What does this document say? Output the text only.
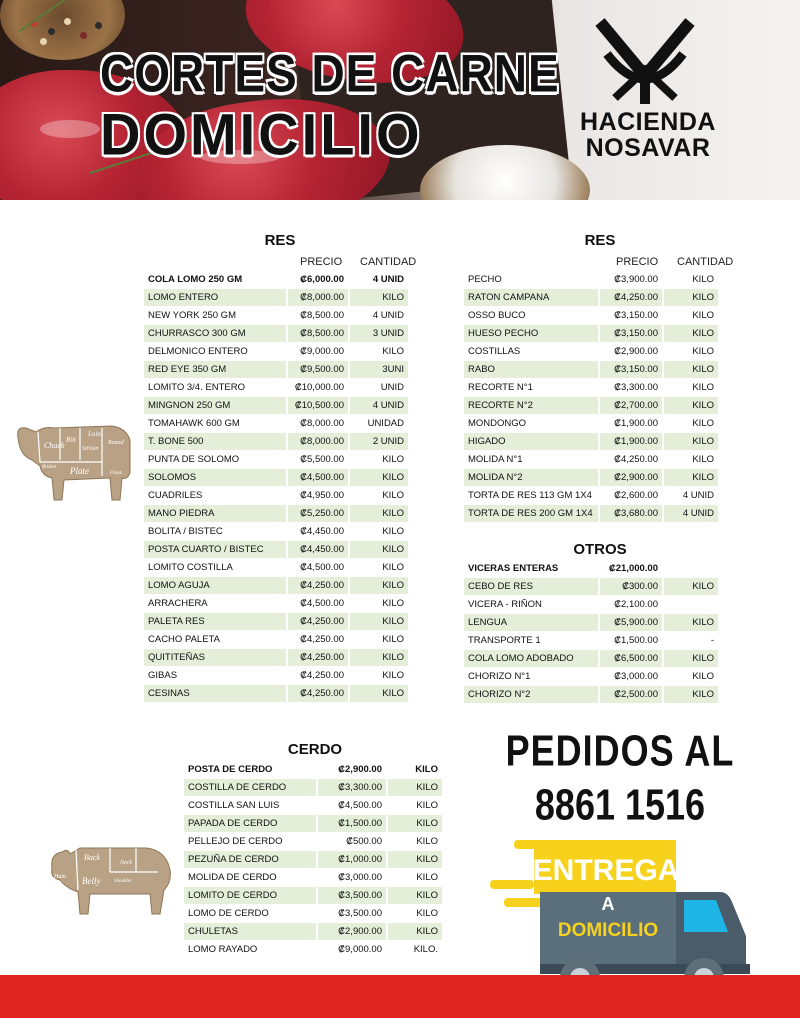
CORTES DE CARNE
DOMICILIO	HACIENDA
NOSAVAR
RES
PRECIO CANTIDAD
COLA LOMO 250 GM	₡6,000.00	4 UNID
LOMO ENTERO	₡8,000.00	KILO
NEW YORK 250 GM	₡8,500.00	4 UNID
CHURRASCO 300 GM	₡8,500.00	3 UNID
DELMONICO ENTERO	₡9,000.00	KILO
RED EYE 350 GM	₡9,500.00	3UNI
LOMITO 3/4. ENTERO	₡10,000.00	UNID
MINGNON 250 GM	₡10,500.00	4 UNID
TOMAHAWK 600 GM	₡8,000.00	UNIDAD
T. BONE 500	₡8,000.00	2 UNID
PUNTA DE SOLOMO	₡5,500.00	KILO
SOLOMOS	₡4,500.00	KILO
CUADRILES	₡4,950.00	KILO
MANO PIEDRA	₡5,250.00	KILO
BOLITA / BISTEC	₡4,450.00	KILO
POSTA CUARTO / BISTEC	₡4,450.00	KILO
LOMITO COSTILLA	₡4,500.00	KILO
LOMO AGUJA	₡4,250.00	KILO
ARRACHERA	₡4,500.00	KILO
PALETA RES	₡4,250.00	KILO
CACHO PALETA	₡4,250.00	KILO
QUITITEÑAS	₡4,250.00	KILO
GIBAS	₡4,250.00	KILO
CESINAS	₡4,250.00	KILO
RES
PRECIO CANTIDAD
PECHO	₡3,900.00	KILO
RATON CAMPANA	₡4,250.00	KILO
OSSO BUCO	₡3,150.00	KILO
HUESO PECHO	₡3,150.00	KILO
COSTILLAS	₡2,900.00	KILO
RABO	₡3,150.00	KILO
RECORTE N°1	₡3,300.00	KILO
RECORTE N°2	₡2,700.00	KILO
MONDONGO	₡1,900.00	KILO
HIGADO	₡1,900.00	KILO
MOLIDA N°1	₡4,250.00	KILO
MOLIDA N°2	₡2,900.00	KILO
TORTA DE RES 113 GM 1X4	₡2,600.00	4 UNID
TORTA DE RES 200 GM 1X4	₡3,680.00	4 UNID
OTROS
VICERAS ENTERAS	₡21,000.00	
CEBO DE RES	₡300.00	KILO
VICERA - RIÑON	₡2,100.00	
LENGUA	₡5,900.00	KILO
TRANSPORTE 1	₡1,500.00	-
COLA LOMO ADOBADO	₡6,500.00	KILO
CHORIZO N°1	₡3,000.00	KILO
CHORIZO N°2	₡2,500.00	KILO
Chuck
Rib
Loin
Round
Sirloin
Plate
Brisket
Flank
CERDO
POSTA DE CERDO	₡2,900.00	KILO
COSTILLA DE CERDO	₡3,300.00	KILO
COSTILLA SAN LUIS	₡4,500.00	KILO
PAPADA DE CERDO	₡1,500.00	KILO
PELLEJO DE CERDO	₡500.00	KILO
PEZUÑA DE CERDO	₡1,000.00	KILO
MOLIDA DE CERDO	₡3,000.00	KILO
LOMITO DE CERDO	₡3,500.00	KILO
LOMO DE CERDO	₡3,500.00	KILO
CHULETAS	₡2,900.00	KILO
LOMO RAYADO	₡9,000.00	KILO.
Back
Neck
Ham Belly	Shoulder
PEDIDOS AL
8861 1516
ENTREGA
A
DOMICILIO
